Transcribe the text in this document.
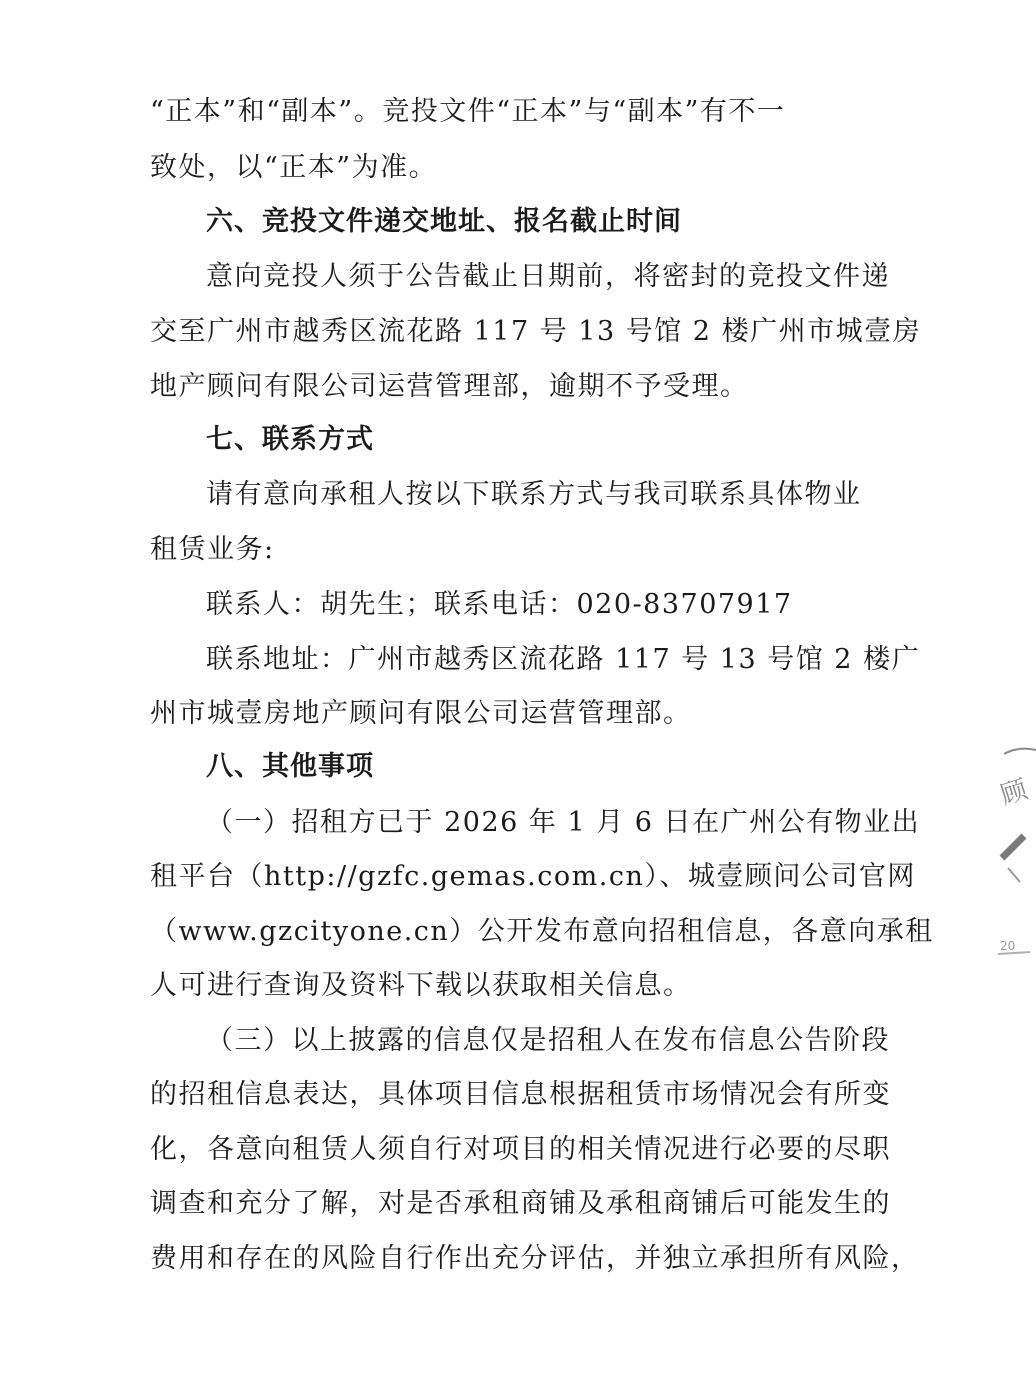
“正本”和“副本”。竞投文件“正本”与“副本”有不一
致处，以“正本”为准。
六、竞投文件递交地址、报名截止时间
意向竞投人须于公告截止日期前，将密封的竞投文件递
交至广州市越秀区流花路 117 号 13 号馆 2 楼广州市城壹房
地产顾问有限公司运营管理部，逾期不予受理。
七、联系方式
请有意向承租人按以下联系方式与我司联系具体物业
租赁业务:
联系人：胡先生；联系电话：020-83707917
联系地址：广州市越秀区流花路 117 号 13 号馆 2 楼广
州市城壹房地产顾问有限公司运营管理部。
八、其他事项
（一）招租方已于 2026 年 1 月 6 日在广州公有物业出
租平台（http://gzfc.gemas.com.cn）、城壹顾问公司官网
（www.gzcityone.cn）公开发布意向招租信息，各意向承租
人可进行查询及资料下载以获取相关信息。
（三）以上披露的信息仅是招租人在发布信息公告阶段
的招租信息表达，具体项目信息根据租赁市场情况会有所变
化，各意向租赁人须自行对项目的相关情况进行必要的尽职
调查和充分了解，对是否承租商铺及承租商铺后可能发生的
费用和存在的风险自行作出充分评估，并独立承担所有风险，
顾
20
